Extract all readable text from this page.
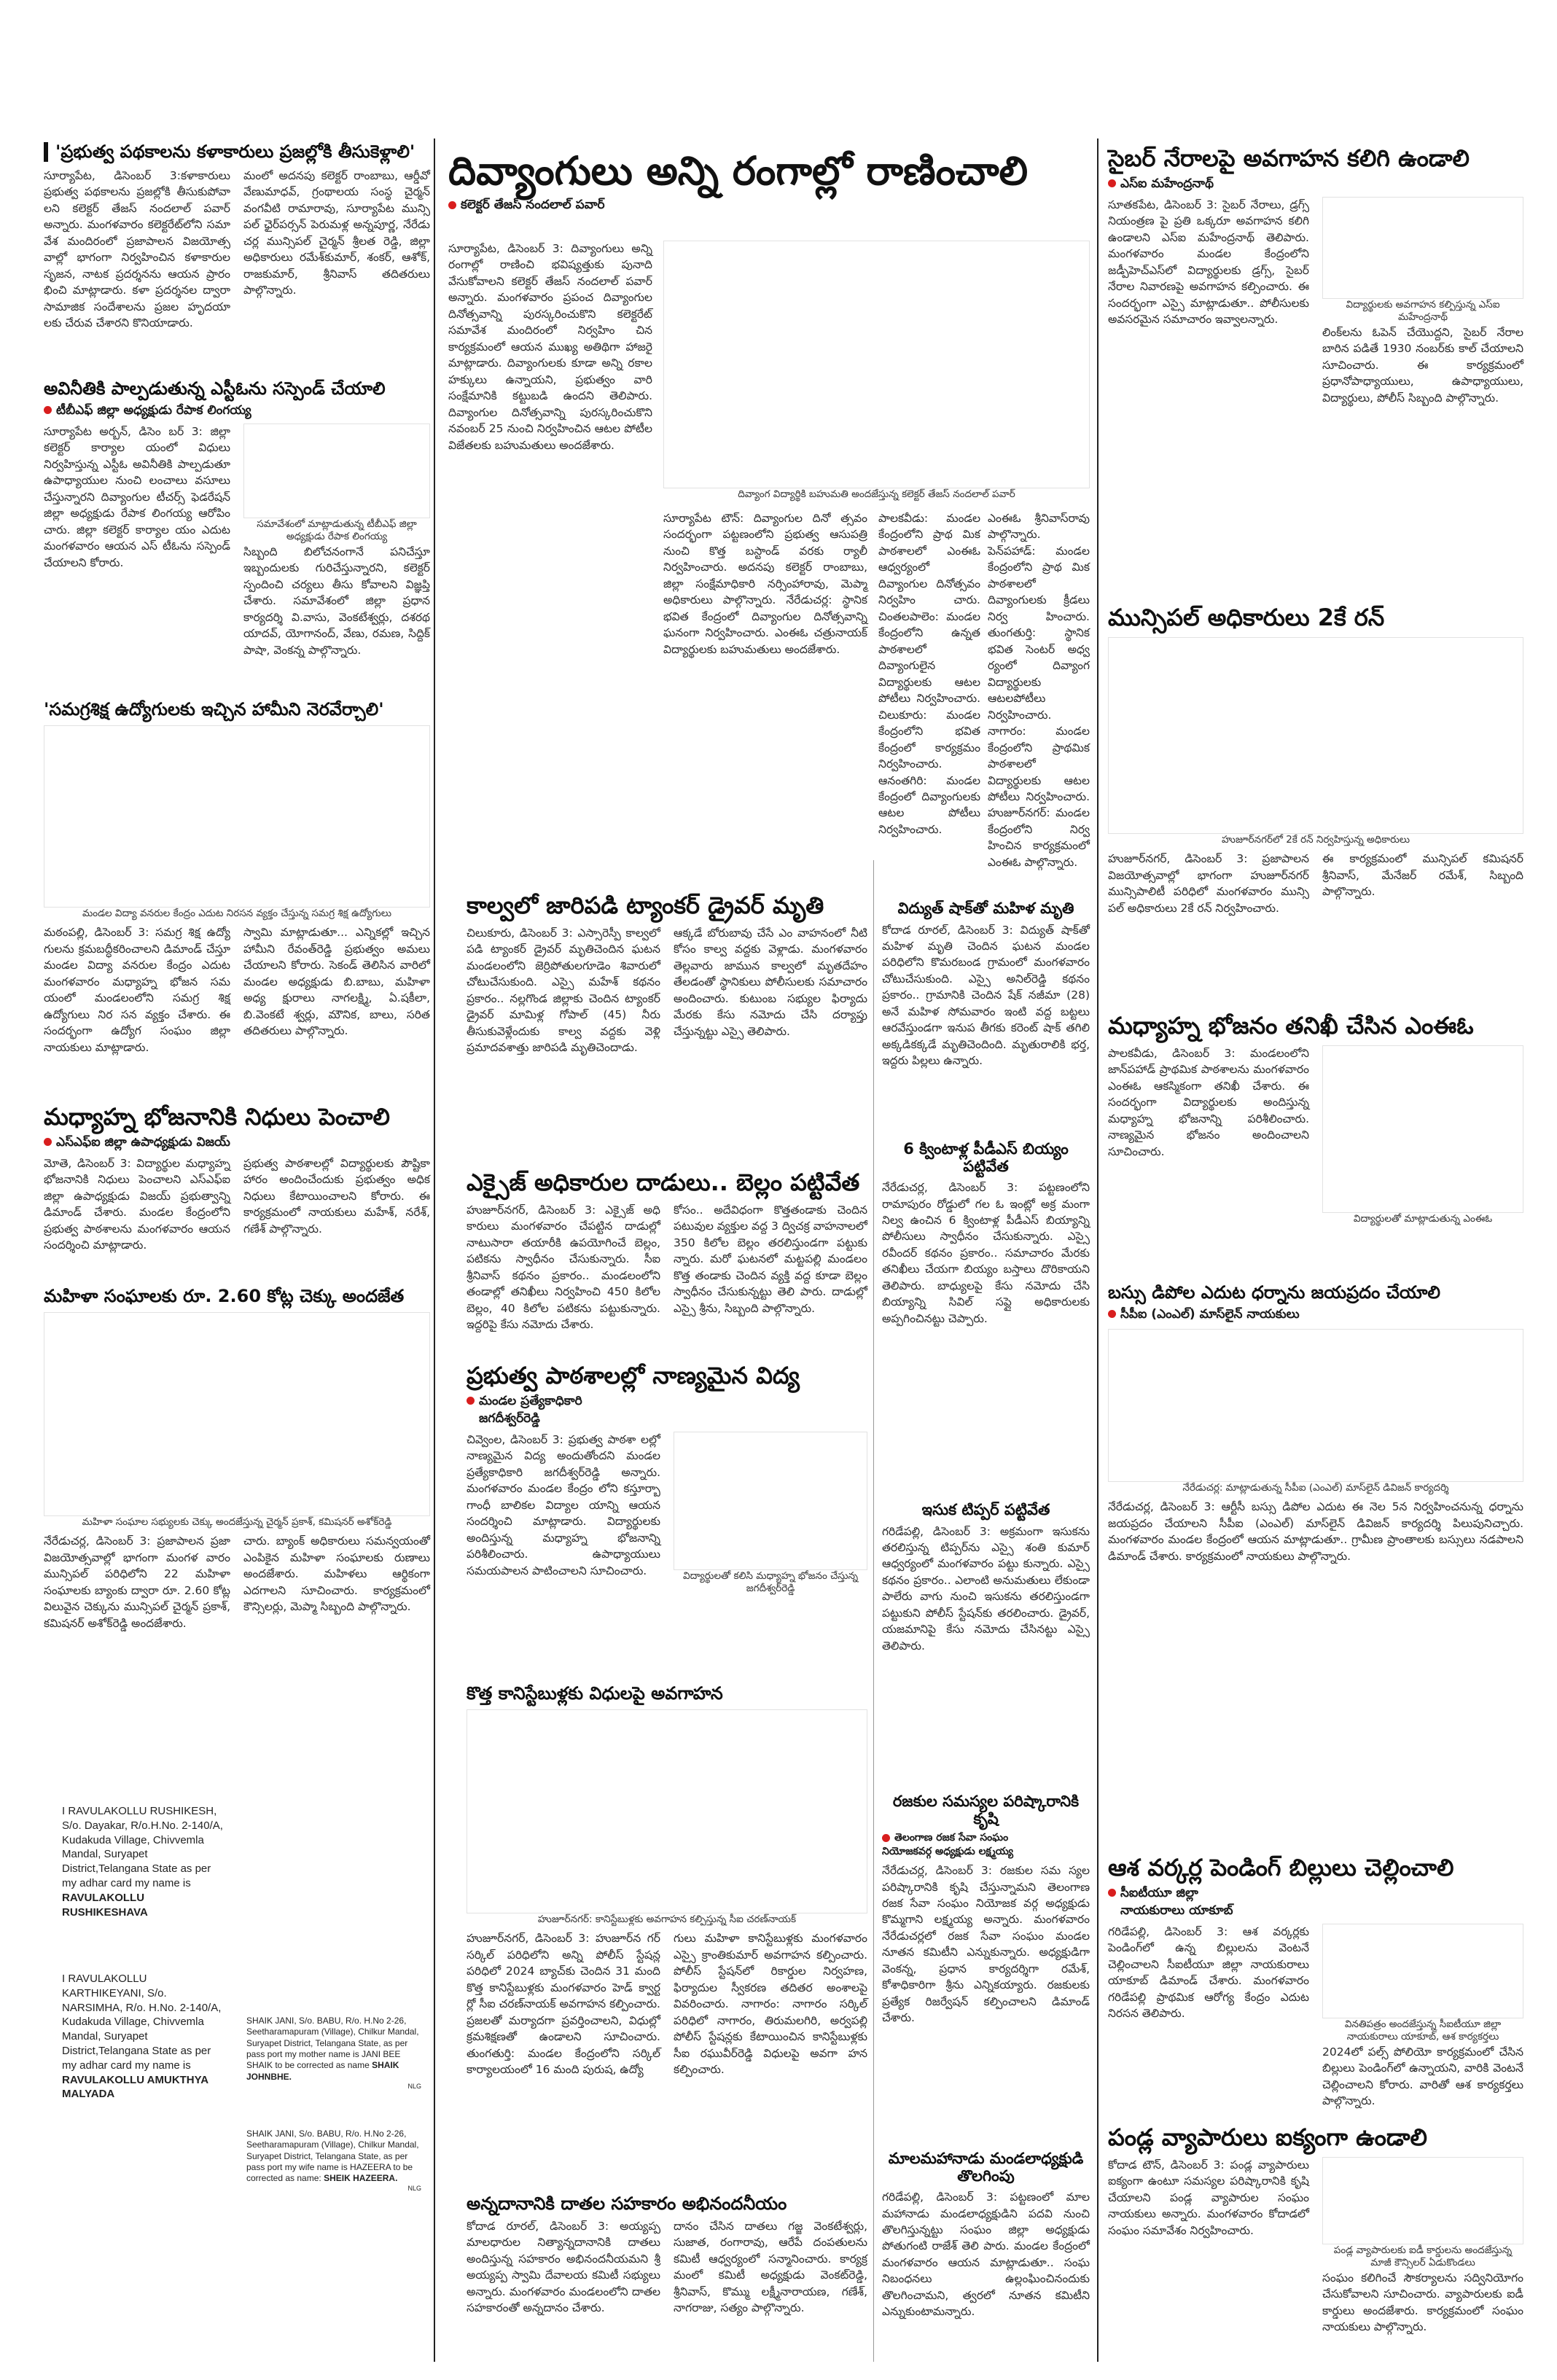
'ప్రభుత్వ పథకాలను కళాకారులు ప్రజల్లోకి తీసుకెళ్లాలి'

సూర్యాపేట, డిసెంబర్ 3:కళాకారులు ప్రభుత్వ పథకాలను ప్రజల్లోకి తీసుకుపోవా లని కలెక్టర్ తేజస్ నందలాల్ పవార్ అన్నారు. మంగళవారం కలెక్టరేట్‌లోని సమా వేశ మందిరంలో ప్రజాపాలన విజయోత్స వాల్లో భాగంగా నిర్వహించిన కళాకారుల సృజన, నాటక ప్రదర్శనను ఆయన ప్రారం భించి మాట్లాడారు. కళా ప్రదర్శనల ద్వారా సామాజిక సందేశాలను ప్రజల హృదయా లకు చేరువ చేశారని కొనియాడారు.

మంలో అదనపు కలెక్టర్ రాంబాబు, ఆర్డీవో వేణుమాధవ్, గ్రంథాలయ సంస్థ చైర్మన్ వంగవీటి రామారావు, సూర్యాపేట మున్సి పల్ ఛైర్‌పర్సన్ పెరుమళ్ల అన్నపూర్ణ, నేరేడు చర్ల మున్సిపల్ చైర్మన్ శ్రీలత రెడ్డి, జిల్లా అధికారులు రమేశ్‌కుమార్, శంకర్, ఆశోక్, రాజకుమార్, శ్రీనివాస్ తదితరులు పాల్గొన్నారు.

అవినీతికి పాల్పడుతున్న ఎస్టీఓను సస్పెండ్ చేయాలి
టీబీఎఫ్ జిల్లా అధ్యక్షుడు రేపాక లింగయ్య

సూర్యాపేట అర్బన్, డిసెం బర్ 3: జిల్లా కలెక్టర్ కార్యాల యంలో విధులు నిర్వహిస్తున్న ఎస్టీఓ అవినీతికి పాల్పడుతూ ఉపాధ్యాయుల నుంచి లంచాలు వసూలు చేస్తున్నారని దివ్యాంగుల టీచర్స్ ఫెడరేషన్ జిల్లా అధ్యక్షుడు రేపాక లింగయ్య ఆరోపిం చారు. జిల్లా కలెక్టర్ కార్యాల యం ఎదుట మంగళవారం ఆయన ఎస్ టీఓను సస్పెండ్ చేయాలని కోరారు.

సమావేశంలో మాట్లాడుతున్న టీబీఎఫ్ జిల్లా అధ్యక్షుడు రేపాక లింగయ్య

సిబ్బంది బిలోచనంగానే పనిచేస్తూ ఇబ్బందులకు గురిచేస్తున్నారని, కలెక్టర్ స్పందించి చర్యలు తీసు కోవాలని విజ్ఞప్తి చేశారు. సమావేశంలో జిల్లా ప్రధాన కార్యదర్శి వి.వాసు, వెంకటేశ్వర్లు, దశరథ యాదవ్, యోగానంద్, వేణు, రమణ, సిద్దిక్ పాషా, వెంకన్న పాల్గొన్నారు.

'సమగ్రశిక్ష ఉద్యోగులకు ఇచ్చిన హామీని నెరవేర్చాలి'
మండల విద్యా వనరుల కేంద్రం ఎదుట నిరసన వ్యక్తం చేస్తున్న సమగ్ర శిక్ష ఉద్యోగులు

మఠంపల్లి, డిసెంబర్ 3: సమగ్ర శిక్ష ఉద్యో గులను క్రమబద్ధీకరించాలని డిమాండ్ చేస్తూ మండల విద్యా వనరుల కేంద్రం ఎదుట మంగళవారం మధ్యాహ్న భోజన సమ యంలో మండలంలోని సమగ్ర శిక్ష ఉద్యోగులు నిర సన వ్యక్తం చేశారు. ఈ సందర్భంగా ఉద్యోగ సంఘం జిల్లా నాయకులు మాట్లాడారు.

స్వామి మాట్లాడుతూ... ఎన్నికల్లో ఇచ్చిన హామీని రేవంత్‌రెడ్డి ప్రభుత్వం అమలు చేయాలని కోరారు. సెకండ్ తెలిసిన వారిలో మండల అధ్యక్షుడు బి.బాబు, మహిళా అధ్య క్షురాలు నాగలక్ష్మి, ఏ.షకీలా, బి.వెంకటే శ్వర్లు, మౌనిక, బాలు, సరిత తదితరులు పాల్గొన్నారు.

మధ్యాహ్న భోజనానికి నిధులు పెంచాలి
ఎస్ఎఫ్ఐ జిల్లా ఉపాధ్యక్షుడు విజయ్

మోతె, డిసెంబర్ 3: విద్యార్థుల మధ్యాహ్న భోజనానికి నిధులు పెంచాలని ఎస్ఎఫ్ఐ జిల్లా ఉపాధ్యక్షుడు విజయ్ ప్రభుత్వాన్ని డిమాండ్ చేశారు. మండల కేంద్రంలోని ప్రభుత్వ పాఠశాలను మంగళవారం ఆయన సందర్శించి మాట్లాడారు.

ప్రభుత్వ పాఠశాలల్లో విద్యార్థులకు పౌష్టికా హారం అందించేందుకు ప్రభుత్వం అధిక నిధులు కేటాయించాలని కోరారు. ఈ కార్యక్రమంలో నాయకులు మహేశ్, నరేశ్, గణేశ్ పాల్గొన్నారు.

మహిళా సంఘాలకు రూ. 2.60 కోట్ల చెక్కు అందజేత
మహిళా సంఘాల సభ్యులకు చెక్కు అందజేస్తున్న చైర్మన్ ప్రకాశ్, కమిషనర్ అశోక్‌రెడ్డి

నేరేడుచర్ల, డిసెంబర్ 3: ప్రజాపాలన ప్రజా విజయోత్సవాల్లో భాగంగా మంగళ వారం మున్సిపల్ పరిధిలోని 22 మహిళా సంఘాలకు బ్యాంకు ద్వారా రూ. 2.60 కోట్ల విలువైన చెక్కును మున్సిపల్ చైర్మన్ ప్రకాశ్, కమిషనర్ అశోక్‌రెడ్డి అందజేశారు.

చారు. బ్యాంక్ అధికారులు సమన్వయంతో ఎంపికైన మహిళా సంఘాలకు రుణాలు అందజేశారు. మహిళలు ఆర్థికంగా ఎదగాలని సూచించారు. కార్యక్రమంలో కౌన్సిలర్లు, మెప్మా సిబ్బంది పాల్గొన్నారు.

I RAVULAKOLLU RUSHIKESH,
S/o. Dayakar, R/o.H.No. 2-140/A, Kudakuda Village, Chivvemla Mandal, Suryapet District,Telangana State as per my adhar card my name is
RAVULAKOLLU RUSHIKESHAVA
I RAVULAKOLLU KARTHIKEYANI, S/o. NARSIMHA, R/o. H.No. 2-140/A, Kudakuda Village, Chivvemla Mandal, Suryapet District,Telangana State as per my adhar card my name is
RAVULAKOLLU AMUKTHYA MALYADA
SHAIK JANI, S/o. BABU, R/o. H.No 2-26, Seetharamapuram (Village), Chilkur Mandal, Suryapet District, Telangana State, as per pass port my mother name is JANI BEE SHAIK to be corrected as name SHAIK JOHNBHE.
NLG
SHAIK JANI, S/o. BABU, R/o. H.No 2-26, Seetharamapuram (Village), Chilkur Mandal, Suryapet District, Telangana State, as per pass port my wife name is HAZEERA to be corrected as name: SHEIK HAZEERA.
NLG
దివ్యాంగులు అన్ని రంగాల్లో రాణించాలి
కలెక్టర్ తేజస్ నందలాల్ పవార్

సూర్యాపేట, డిసెంబర్ 3: దివ్యాంగులు అన్ని రంగాల్లో రాణించి భవిష్యత్తుకు పునాది వేసుకోవాలని కలెక్టర్ తేజస్ నందలాల్ పవార్ అన్నారు. మంగళవారం ప్రపంచ దివ్యాంగుల దినోత్సవాన్ని పురస్కరించుకొని కలెక్టరేట్ సమావేశ మందిరంలో నిర్వహిం చిన కార్యక్రమంలో ఆయన ముఖ్య అతిథిగా హాజరై మాట్లాడారు. దివ్యాంగులకు కూడా అన్ని రకాల హక్కులు ఉన్నాయని, ప్రభుత్వం వారి సంక్షేమానికి కట్టుబడి ఉందని తెలిపారు. దివ్యాంగుల దినోత్సవాన్ని పురస్కరించుకొని నవంబర్ 25 నుంచి నిర్వహించిన ఆటల పోటీల విజేతలకు బహుమతులు అందజేశారు.

సూర్యాపేట టౌన్: దివ్యాంగుల దినో త్సవం సందర్భంగా పట్టణంలోని ప్రభుత్వ ఆసుపత్రి నుంచి కొత్త బస్టాండ్ వరకు ర్యాలీ నిర్వహించారు. అదనపు కలెక్టర్ రాంబాబు, జిల్లా సంక్షేమాధికారి నర్సింహారావు, మెప్మా అధికారులు పాల్గొన్నారు. నేరేడుచర్ల: స్థానిక భవిత కేంద్రంలో దివ్యాంగుల దినోత్సవాన్ని ఘనంగా నిర్వహించారు. ఎంఈఓ చత్రునాయక్ విద్యార్థులకు బహుమతులు అందజేశారు.

దివ్యాంగ విద్యార్థికి బహుమతి అందజేస్తున్న కలెక్టర్ తేజస్ నందలాల్ పవార్

పాలకవీడు: మండల కేంద్రంలోని ప్రాథ మిక పాఠశాలలో ఎంఈఓ ఆధ్వర్యంలో దివ్యాంగుల దినోత్సవం నిర్వహిం చారు. చింతలపాలెం: మండల కేంద్రంలోని ఉన్నత పాఠశాలలో దివ్యాంగులైన విద్యార్థులకు ఆటల పోటీలు నిర్వహించారు. చిలుకూరు: మండల కేంద్రంలోని భవిత కేంద్రంలో కార్యక్రమం నిర్వహించారు. ఆనంతగిరి: మండల కేంద్రంలో దివ్యాంగులకు ఆటల పోటీలు నిర్వహించారు.

ఎంఈఓ శ్రీనివాస్‌రావు పాల్గొన్నారు. పెన్‌పహాడ్: మండల కేంద్రంలోని ప్రాథ మిక పాఠశాలలో దివ్యాంగులకు క్రీడలు నిర్వ హించారు. తుంగతుర్తి: స్థానిక భవిత సెంటర్ అధ్వ ర్యంలో దివ్యాంగ విద్యార్థులకు ఆటలపోటీలు నిర్వహించారు. నాగారం: మండల కేంద్రంలోని ప్రాథమిక పాఠశాలలో విద్యార్థులకు ఆటల పోటీలు నిర్వహించారు. హుజూర్‌నగర్: మండల కేంద్రంలోని నిర్వ హించిన కార్యక్రమంలో ఎంఈఓ పాల్గొన్నారు.

కాల్వలో జారిపడి ట్యాంకర్ డ్రైవర్ మృతి

చిలుకూరు, డిసెంబర్ 3: ఎస్సారెస్పీ కాల్వలో పడి ట్యాంకర్ డ్రైవర్ మృతిచెందిన ఘటన మండలంలోని జెర్రిపోతులగూడెం శివారులో చోటుచేసుకుంది. ఎస్సై మహేశ్ కథనం ప్రకారం.. నల్లగొండ జిల్లాకు చెందిన ట్యాంకర్ డ్రైవర్ మామిళ్ల గోపాల్ (45) నీరు తీసుకువెళ్లేందుకు కాల్వ వద్దకు వెళ్లి ప్రమాదవశాత్తు జారిపడి మృతిచెందాడు.

ఆక్కడే బోరుబావు చేసే ఎం వాహనంలో నీటి కోసం కాల్వ వద్దకు వెళ్లాడు. మంగళవారం తెల్లవారు జామున కాల్వలో మృతదేహం తేలడంతో స్థానికులు పోలీసులకు సమాచారం అందించారు. కుటుంబ సభ్యుల ఫిర్యాదు మేరకు కేసు నమోదు చేసి దర్యాప్తు చేస్తున్నట్టు ఎస్సై తెలిపారు.

ఎక్సైజ్ అధికారుల దాడులు.. బెల్లం పట్టివేత

హుజూర్‌నగర్, డిసెంబర్ 3: ఎక్సైజ్ అధి కారులు మంగళవారం చేపట్టిన దాడుల్లో నాటుసారా తయారీకి ఉపయోగించే బెల్లం, పటికను స్వాధీనం చేసుకున్నారు. సీఐ శ్రీనివాస్ కథనం ప్రకారం.. మండలంలోని తండాల్లో తనిఖీలు నిర్వహించి 450 కిలోల బెల్లం, 40 కిలోల పటికను పట్టుకున్నారు. ఇద్దరిపై కేసు నమోదు చేశారు.

కోసం.. అదేవిధంగా కొత్తతండాకు చెందిన పటువుల వ్యక్తుల వద్ద 3 ద్విచక్ర వాహనాలలో 350 కిలోల బెల్లం తరలిస్తుండగా పట్టుకు న్నారు. మరో ఘటనలో మట్టపల్లి మండలం కొత్త తండాకు చెందిన వ్యక్తి వద్ద కూడా బెల్లం స్వాధీనం చేసుకున్నట్టు తెలి పారు. దాడుల్లో ఎస్సై శ్రీను, సిబ్బంది పాల్గొన్నారు.

ప్రభుత్వ పాఠశాలల్లో నాణ్యమైన విద్య
మండల ప్రత్యేకాధికారి
జగదీశ్వర్‌రెడ్డి

చివ్వెంల, డిసెంబర్ 3: ప్రభుత్వ పాఠశా లల్లో నాణ్యమైన విద్య అందుతోందని మండల ప్రత్యేకాధికారి జగదీశ్వర్‌రెడ్డి అన్నారు. మంగళవారం మండల కేంద్రం లోని కస్తూర్బా గాంధీ బాలికల విద్యాల యాన్ని ఆయన సందర్శించి మాట్లాడారు. విద్యార్థులకు అందిస్తున్న మధ్యాహ్న భోజనాన్ని పరిశీలించారు. ఉపాధ్యాయులు సమయపాలన పాటించాలని సూచించారు.	విద్యార్థులతో కలిసి మధ్యాహ్న భోజనం చేస్తున్న జగదీశ్వర్‌రెడ్డి
కొత్త కానిస్టేబుళ్లకు విధులపై అవగాహన
హుజూర్‌నగర్: కానిస్టేబుళ్లకు అవగాహన కల్పిస్తున్న సీఐ చరణ్‌నాయక్

హుజూర్‌నగర్, డిసెంబర్ 3: హుజూర్‌న గర్ సర్కిల్ పరిధిలోని అన్ని పోలీస్ స్టేషన్ల పరిధిలో 2024 బ్యాచ్‌కు చెందిన 31 మంది కొత్త కానిస్టేబుళ్లకు మంగళవారం హెడ్ క్వార్ట ర్లో సీఐ చరణ్‌నాయక్ అవగాహన కల్పించారు. ప్రజలతో మర్యాదగా ప్రవర్తించాలని, విధుల్లో క్రమశిక్షణతో ఉండాలని సూచించారు. తుంగతుర్తి: మండల కేంద్రంలోని సర్కిల్ కార్యాలయంలో 16 మంది పురుష, ఉద్యో

గులు మహిళా కానిస్టేబుళ్లకు మంగళవారం ఎస్సై క్రాంతికుమార్ అవగాహన కల్పించారు. పోలీస్ స్టేషన్‌లో రికార్డుల నిర్వహణ, ఫిర్యాదుల స్వీకరణ తదితర అంశాలపై వివరించారు. నాగారం: నాగారం సర్కిల్ పరిధిలో నాగారం, తిరుమలగిరి, అర్వపల్లి పోలీస్ స్టేషన్లకు కేటాయించిన కానిస్టేబుళ్లకు సీఐ రఘువీర్‌రెడ్డి విధులపై అవగా హన కల్పించారు.

అన్నదానానికి దాతల సహకారం అభినందనీయం

కోదాడ రూరల్, డిసెంబర్ 3: అయ్యప్ప మాలధారుల నిత్యాన్నదానానికి దాతలు అందిస్తున్న సహకారం అభినందనీయమని శ్రీ అయ్యప్ప స్వామి దేవాలయ కమిటీ సభ్యులు అన్నారు. మంగళవారం మండలంలోని దాతల సహకారంతో అన్నదానం చేశారు.

దానం చేసిన దాతలు గజ్జ వెంకటేశ్వర్లు, సుజాత, రంగారావు, ఆరేపే దంపతులను కమిటీ ఆధ్వర్యంలో సన్మానించారు. కార్యక్ర మంలో కమిటీ అధ్యక్షుడు వెంకట్‌రెడ్డి, శ్రీనివాస్, కొమ్ము లక్ష్మీనారాయణ, గణేశ్, నాగరాజు, సత్యం పాల్గొన్నారు.

విద్యుత్ షాక్‌తో మహిళ మృతి

కోదాడ రూరల్, డిసెంబర్ 3: విద్యుత్ షాక్‌తో మహిళ మృతి చెందిన ఘటన మండల పరిధిలోని కొమరబండ గ్రామంలో మంగళవారం చోటుచేసుకుంది. ఎస్సై అనిల్‌రెడ్డి కథనం ప్రకారం.. గ్రామానికి చెందిన షేక్ నజీమా (28) అనే మహిళ సోమవారం ఇంటి వద్ద బట్టలు ఆరవేస్తుండగా ఇనుప తీగకు కరెంట్ షాక్ తగిలి అక్కడికక్కడే మృతిచెందింది. మృతురాలికి భర్త, ఇద్దరు పిల్లలు ఉన్నారు.

6 క్వింటాళ్ల పీడీఎస్ బియ్యం పట్టివేత

నేరేడుచర్ల, డిసెంబర్ 3: పట్టణంలోని రామాపురం రోడ్డులో గల ఓ ఇంట్లో అక్ర మంగా నిల్వ ఉంచిన 6 క్వింటాళ్ల పీడీఎస్ బియ్యాన్ని పోలీసులు స్వాధీనం చేసుకున్నారు. ఎస్సై రవీందర్ కథనం ప్రకారం.. సమాచారం మేరకు తనిఖీలు చేయగా బియ్యం బస్తాలు దొరికాయని తెలిపారు. బాధ్యులపై కేసు నమోదు చేసి బియ్యాన్ని సివిల్ సప్లై అధికారులకు అప్పగించినట్టు చెప్పారు.

ఇసుక టిప్పర్ పట్టివేత

గరిడేపల్లి, డిసెంబర్ 3: అక్రమంగా ఇసుకను తరలిస్తున్న టిప్పర్‌ను ఎస్సై శంతి కుమార్ ఆధ్వర్యంలో మంగళవారం పట్టు కున్నారు. ఎస్సై కథనం ప్రకారం.. ఎలాంటి అనుమతులు లేకుండా పాలేరు వాగు నుంచి ఇసుకను తరలిస్తుండగా పట్టుకుని పోలీస్ స్టేషన్‌కు తరలించారు. డ్రైవర్, యజమానిపై కేసు నమోదు చేసినట్టు ఎస్సై తెలిపారు.

రజకుల సమస్యల పరిష్కారానికి కృషి
తెలంగాణ రజక సేవా సంఘం
నియోజకవర్గ అధ్యక్షుడు లక్ష్మయ్య

నేరేడుచర్ల, డిసెంబర్ 3: రజకుల సమ స్యల పరిష్కారానికి కృషి చేస్తున్నామని తెలంగాణ రజక సేవా సంఘం నియోజక వర్గ అధ్యక్షుడు కొమ్మగాని లక్ష్మయ్య అన్నారు. మంగళవారం నేరేడుచర్లలో రజక సేవా సంఘం మండల నూతన కమిటీని ఎన్నుకున్నారు. అధ్యక్షుడిగా వెంకన్న, ప్రధాన కార్యదర్శిగా రమేశ్, కోశాధికారిగా శ్రీను ఎన్నికయ్యారు. రజకులకు ప్రత్యేక రిజర్వేషన్ కల్పించాలని డిమాండ్ చేశారు.

మాలమహానాడు మండలాధ్యక్షుడి తొలగింపు

గరిడేపల్లి, డిసెంబర్ 3: పట్టణంలో మాల మహానాడు మండలాధ్యక్షుడిని పదవి నుంచి తొలగిస్తున్నట్టు సంఘం జిల్లా అధ్యక్షుడు పోతుగంటి రాజేశ్ తెలి పారు. మండల కేంద్రంలో మంగళవారం ఆయన మాట్లాడుతూ.. సంఘ నిబంధనలు ఉల్లంఘించినందుకు తొలగించామని, త్వరలో నూతన కమిటీని ఎన్నుకుంటామన్నారు.

సైబర్ నేరాలపై అవగాహన కలిగి ఉండాలి
ఎస్ఐ మహేంద్రనాథ్

సూతకపేట, డిసెంబర్ 3: సైబర్ నేరాలు, డ్రగ్స్ నియంత్రణ పై ప్రతి ఒక్కరూ అవగాహన కలిగి ఉండాలని ఎస్ఐ మహేంద్రనాథ్ తెలిపారు. మంగళవారం మండల కేంద్రంలోని జడ్పీహెచ్ఎస్‌లో విద్యార్థులకు డ్రగ్స్, సైబర్ నేరాల నివారణపై అవగాహన కల్పించారు. ఈ సందర్భంగా ఎస్సై మాట్లాడుతూ.. పోలీసులకు అవసరమైన సమాచారం ఇవ్వాలన్నారు.

విద్యార్థులకు అవగాహన కల్పిస్తున్న ఎస్ఐ మహేంద్రనాథ్

లింక్‌లను ఓపెన్ చేయొద్దని, సైబర్ నేరాల బారిన పడితే 1930 నంబర్‌కు కాల్ చేయాలని సూచించారు. ఈ కార్యక్రమంలో ప్రధానోపాధ్యాయులు, ఉపాధ్యాయులు, విద్యార్థులు, పోలీస్ సిబ్బంది పాల్గొన్నారు.

మున్సిపల్ అధికారులు 2కే రన్
హుజూర్‌నగర్‌లో 2కే రన్ నిర్వహిస్తున్న అధికారులు

హుజూర్‌నగర్, డిసెంబర్ 3: ప్రజాపాలన విజయోత్సవాల్లో భాగంగా హుజూర్‌నగర్ మున్సిపాలిటీ పరిధిలో మంగళవారం మున్సి పల్ అధికారులు 2కే రన్ నిర్వహించారు.

ఈ కార్యక్రమంలో మున్సిపల్ కమిషనర్ శ్రీనివాస్, మేనేజర్ రమేశ్, సిబ్బంది పాల్గొన్నారు.

మధ్యాహ్న భోజనం తనిఖీ చేసిన ఎంఈఓ

పాలకవీడు, డిసెంబర్ 3: మండలంలోని జాన్‌పహాడ్ ప్రాథమిక పాఠశాలను మంగళవారం ఎంఈఓ ఆకస్మికంగా తనిఖీ చేశారు. ఈ సందర్భంగా విద్యార్థులకు అందిస్తున్న మధ్యాహ్న భోజనాన్ని పరిశీలించారు. నాణ్యమైన భోజనం అందించాలని సూచించారు.

విద్యార్థులతో మాట్లాడుతున్న ఎంఈఓ
బస్సు డిపోల ఎదుట ధర్నాను జయప్రదం చేయాలి
సీపీఐ (ఎంఎల్) మాస్‌లైన్ నాయకులు
నేరేడుచర్ల: మాట్లాడుతున్న సీపీఐ (ఎంఎల్) మాస్‌లైన్ డివిజన్ కార్యదర్శి

నేరేడుచర్ల, డిసెంబర్ 3: ఆర్టీసీ బస్సు డిపోల ఎదుట ఈ నెల 5న నిర్వహించనున్న ధర్నాను జయప్రదం చేయాలని సీపీఐ (ఎంఎల్) మాస్‌లైన్ డివిజన్ కార్యదర్శి పిలుపునిచ్చారు. మంగళవారం మండల కేంద్రంలో ఆయన మాట్లాడుతూ.. గ్రామీణ ప్రాంతాలకు బస్సులు నడపాలని డిమాండ్ చేశారు. కార్యక్రమంలో నాయకులు పాల్గొన్నారు.

ఆశ వర్కర్ల పెండింగ్ బిల్లులు చెల్లించాలి
సీఐటీయూ జిల్లా
నాయకురాలు యాకూబ్

గరిడేపల్లి, డిసెంబర్ 3: ఆశ వర్కర్లకు పెండింగ్‌లో ఉన్న బిల్లులను వెంటనే చెల్లించాలని సీఐటీయూ జిల్లా నాయకురాలు యాకూబ్ డిమాండ్ చేశారు. మంగళవారం గరిడేపల్లి ప్రాథమిక ఆరోగ్య కేంద్రం ఎదుట నిరసన తెలిపారు.

వినతిపత్రం అందజేస్తున్న సీఐటీయూ జిల్లా నాయకురాలు యాకూబ్, ఆశ కార్యకర్తలు

2024లో పల్స్ పోలియో కార్యక్రమంలో చేసిన బిల్లులు పెండింగ్‌లో ఉన్నాయని, వారికి వెంటనే చెల్లించాలని కోరారు. వారితో ఆశ కార్యకర్తలు పాల్గొన్నారు.

పండ్ల వ్యాపారులు ఐక్యంగా ఉండాలి

కోదాడ టౌన్, డిసెంబర్ 3: పండ్ల వ్యాపారులు ఐక్యంగా ఉంటూ సమస్యల పరిష్కారానికి కృషి చేయాలని పండ్ల వ్యాపారుల సంఘం నాయకులు అన్నారు. మంగళవారం కోదాడలో సంఘం సమావేశం నిర్వహించారు.

పండ్ల వ్యాపారులకు ఐడీ కార్డులను అందజేస్తున్న మాజీ కౌన్సిలర్ ఏడుకొండలు

సంఘం కలిగించే సౌకర్యాలను సద్వినియోగం చేసుకోవాలని సూచించారు. వ్యాపారులకు ఐడీ కార్డులు అందజేశారు. కార్యక్రమంలో సంఘం నాయకులు పాల్గొన్నారు.
